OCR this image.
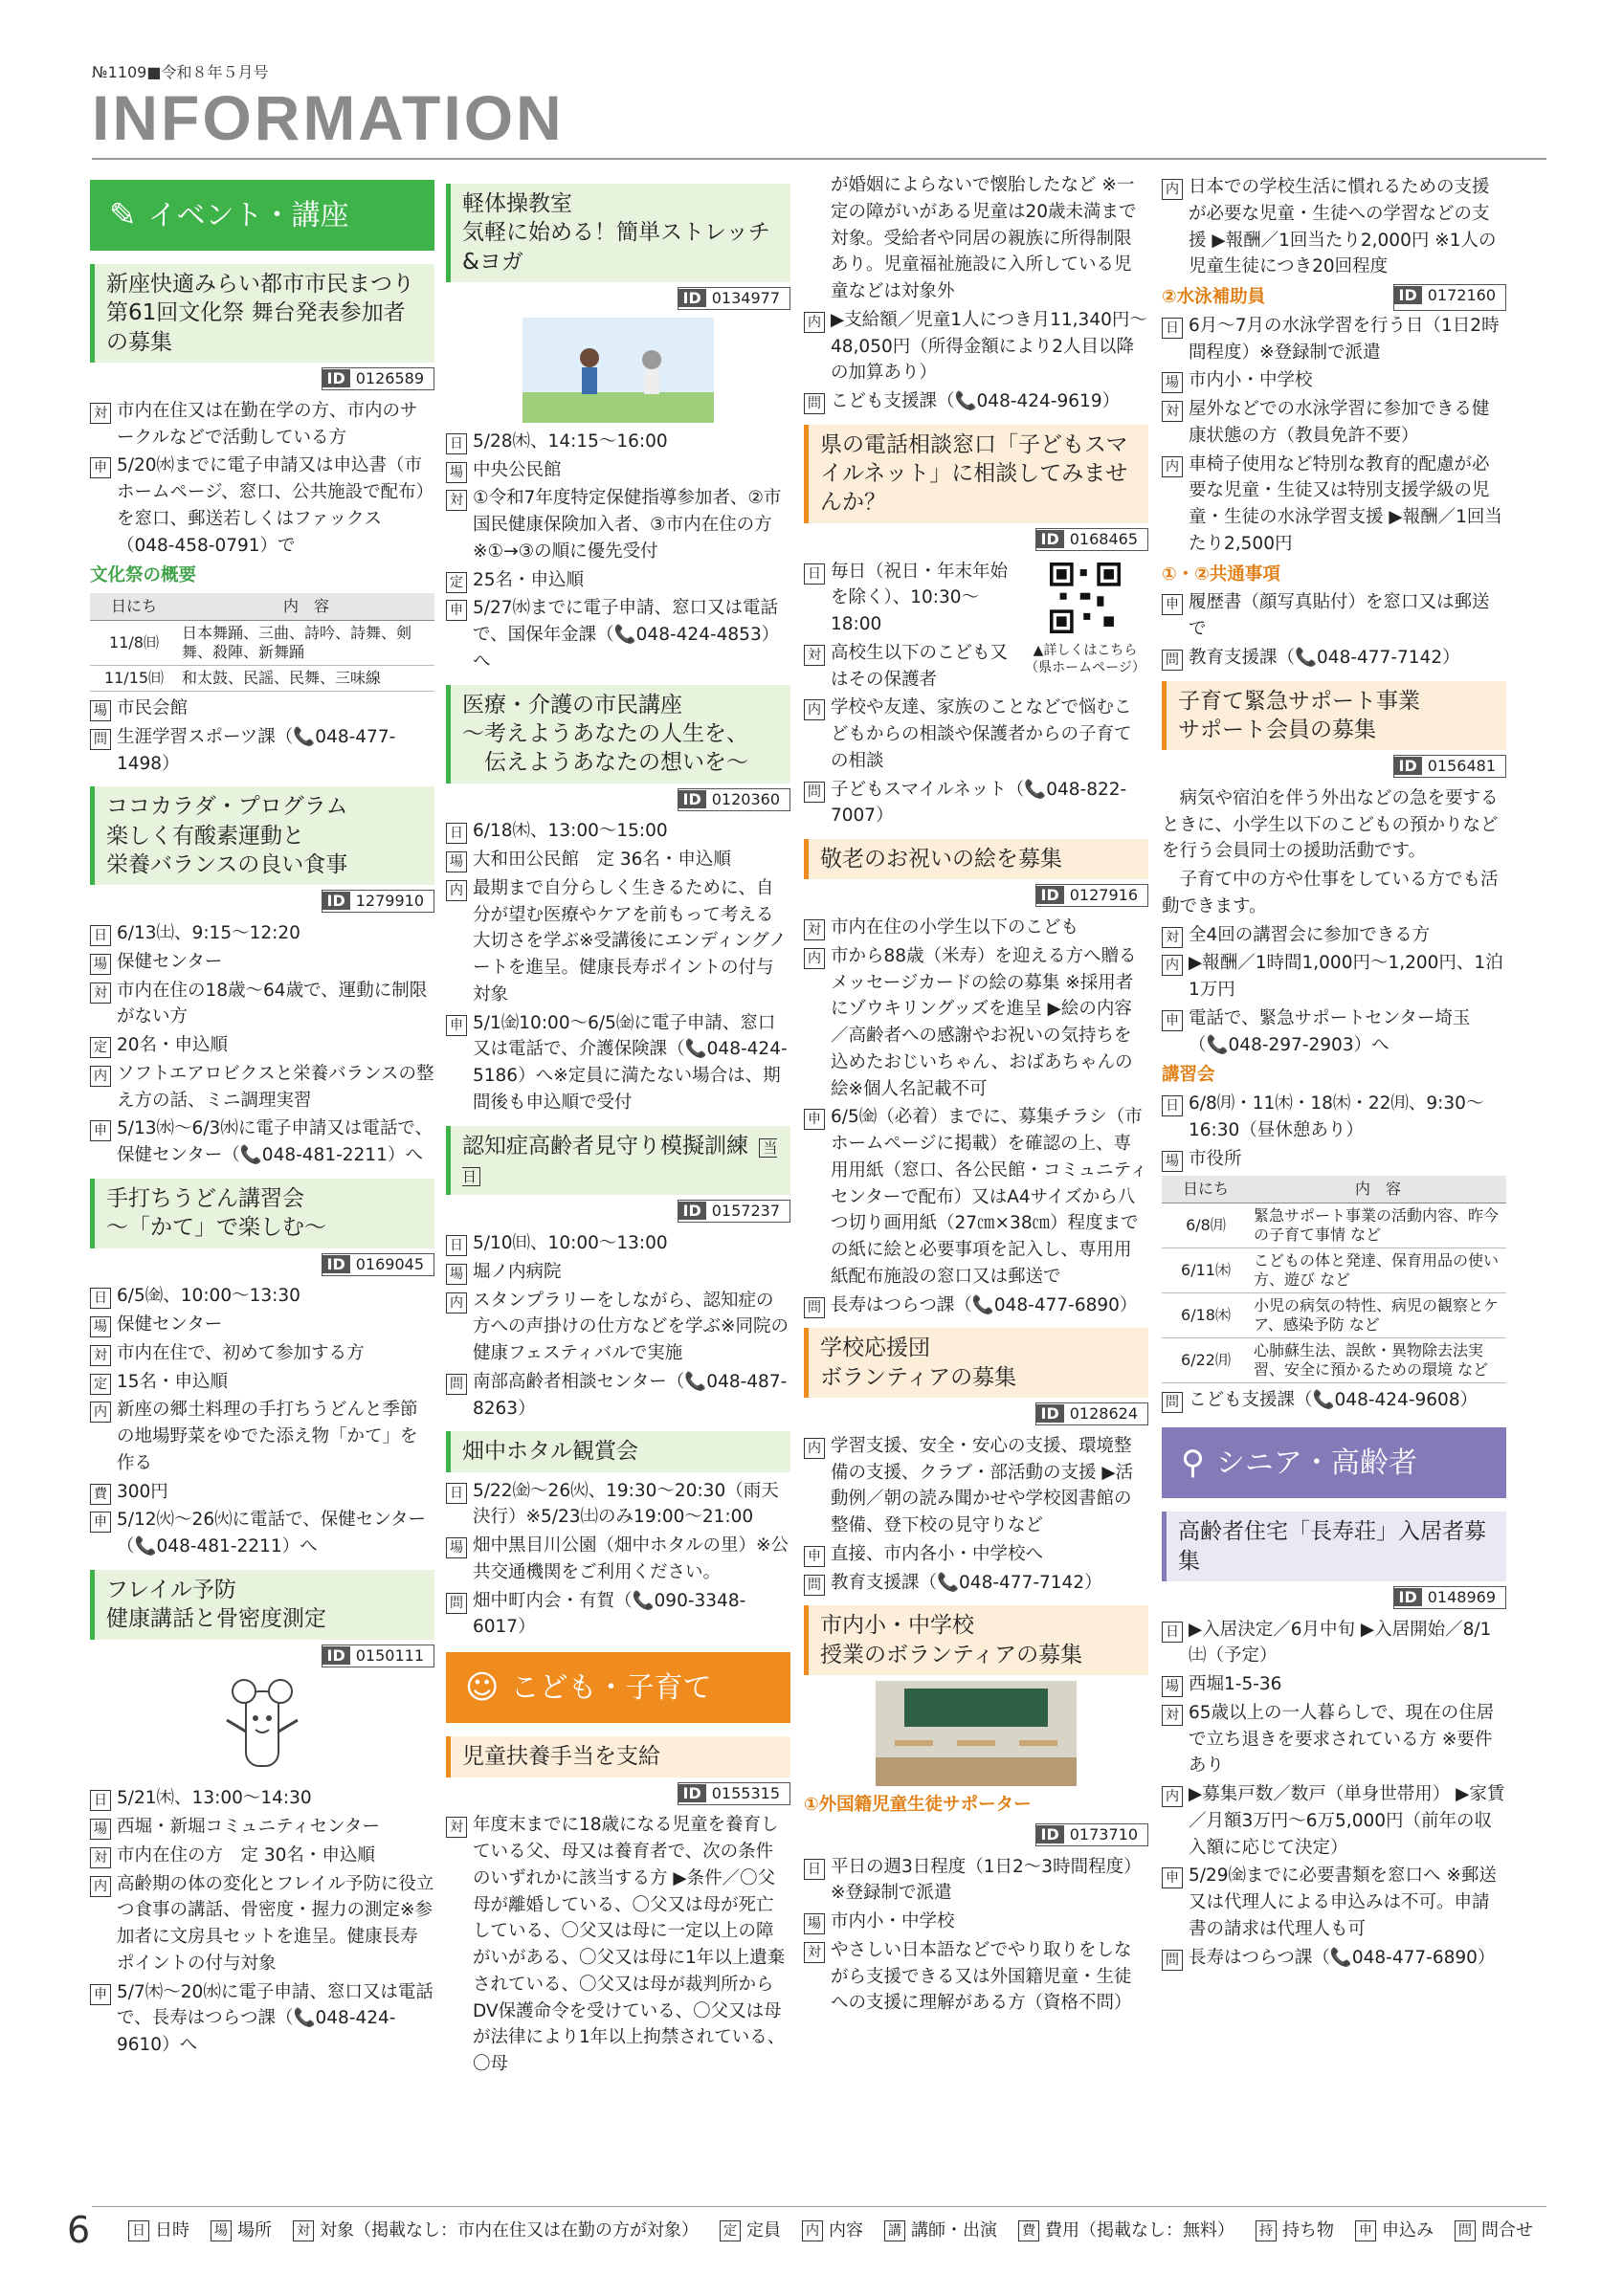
№1109■令和８年５月号
INFORMATION
✎ イベント・講座
新座快適みらい都市市民まつり
第61回文化祭 舞台発表参加者の募集
ID 0126589
対 市内在住又は在勤在学の方、市内のサークルなどで活動している方
申 5/20㈬までに電子申請又は申込書（市ホームページ、窓口、公共施設で配布）を窓口、郵送若しくはファックス（048-458-0791）で
文化祭の概要
日にち	内　容
11/8㈰	日本舞踊、三曲、詩吟、詩舞、剣舞、殺陣、新舞踊
11/15㈰	和太鼓、民謡、民舞、三味線
場 市民会館
問 生涯学習スポーツ課（📞048-477-1498）
ココカラダ・プログラム
楽しく有酸素運動と
栄養バランスの良い食事
ID 1279910
日 6/13㈯、9:15～12:20
場 保健センター
対 市内在住の18歳～64歳で、運動に制限がない方
定 20名・申込順
内 ソフトエアロビクスと栄養バランスの整え方の話、ミニ調理実習
申 5/13㈬～6/3㈬に電子申請又は電話で、保健センター（📞048-481-2211）へ
手打ちうどん講習会
～「かて」で楽しむ～
ID 0169045
日 6/5㈮、10:00～13:30
場 保健センター
対 市内在住で、初めて参加する方
定 15名・申込順
内 新座の郷土料理の手打ちうどんと季節の地場野菜をゆでた添え物「かて」を作る
費 300円
申 5/12㈫～26㈫に電話で、保健センター（📞048-481-2211）へ
フレイル予防
健康講話と骨密度測定
ID 0150111
日 5/21㈭、13:00～14:30
場 西堀・新堀コミュニティセンター
対 市内在住の方　定 30名・申込順
内 高齢期の体の変化とフレイル予防に役立つ食事の講話、骨密度・握力の測定※参加者に文房具セットを進呈。健康長寿ポイントの付与対象
申 5/7㈭～20㈬に電子申請、窓口又は電話で、長寿はつらつ課（📞048-424-9610）へ
軽体操教室
気軽に始める！簡単ストレッチ&ヨガ
ID 0134977
日 5/28㈭、14:15～16:00
場 中央公民館
対 ①令和7年度特定保健指導参加者、②市国民健康保険加入者、③市内在住の方※①→③の順に優先受付
定 25名・申込順
申 5/27㈬までに電子申請、窓口又は電話で、国保年金課（📞048-424-4853）へ
医療・介護の市民講座
～考えようあなたの人生を、
　伝えようあなたの想いを～
ID 0120360
日 6/18㈭、13:00～15:00
場 大和田公民館　定 36名・申込順
内 最期まで自分らしく生きるために、自分が望む医療やケアを前もって考える大切さを学ぶ※受講後にエンディングノートを進呈。健康長寿ポイントの付与対象
申 5/1㈮10:00～6/5㈮に電子申請、窓口又は電話で、介護保険課（📞048-424-5186）へ※定員に満たない場合は、期間後も申込順で受付
認知症高齢者見守り模擬訓練 当日
ID 0157237
日 5/10㈰、10:00～13:00
場 堀ノ内病院
内 スタンプラリーをしながら、認知症の方への声掛けの仕方などを学ぶ※同院の健康フェスティバルで実施
問 南部高齢者相談センター（📞048-487-8263）
畑中ホタル観賞会
日 5/22㈮～26㈫、19:30～20:30（雨天決行）※5/23㈯のみ19:00～21:00
場 畑中黒目川公園（畑中ホタルの里）※公共交通機関をご利用ください。
問 畑中町内会・有賀（📞090-3348-6017）
☺ こども・子育て
児童扶養手当を支給
ID 0155315
対 年度末までに18歳になる児童を養育している父、母又は養育者で、次の条件のいずれかに該当する方 ▶条件／〇父母が離婚している、〇父又は母が死亡している、〇父又は母に一定以上の障がいがある、〇父又は母に1年以上遺棄されている、〇父又は母が裁判所からDV保護命令を受けている、〇父又は母が法律により1年以上拘禁されている、〇母
が婚姻によらないで懐胎したなど ※一定の障がいがある児童は20歳未満まで対象。受給者や同居の親族に所得制限あり。児童福祉施設に入所している児童などは対象外
内 ▶支給額／児童1人につき月11,340円～48,050円（所得金額により2人目以降の加算あり）
問 こども支援課（📞048-424-9619）
県の電話相談窓口「子どもスマイルネット」に相談してみませんか？
ID 0168465
▲詳しくはこちら（県ホームページ）
日 毎日（祝日・年末年始を除く）、10:30～18:00
対 高校生以下のこども又はその保護者
内 学校や友達、家族のことなどで悩むこどもからの相談や保護者からの子育ての相談
問 子どもスマイルネット（📞048-822-7007）
敬老のお祝いの絵を募集
ID 0127916
対 市内在住の小学生以下のこども
内 市から88歳（米寿）を迎える方へ贈るメッセージカードの絵の募集 ※採用者にゾウキリングッズを進呈 ▶絵の内容／高齢者への感謝やお祝いの気持ちを込めたおじいちゃん、おばあちゃんの絵※個人名記載不可
申 6/5㈮（必着）までに、募集チラシ（市ホームページに掲載）を確認の上、専用用紙（窓口、各公民館・コミュニティセンターで配布）又はA4サイズから八つ切り画用紙（27㎝×38㎝）程度までの紙に絵と必要事項を記入し、専用用紙配布施設の窓口又は郵送で
問 長寿はつらつ課（📞048-477-6890）
学校応援団
ボランティアの募集
ID 0128624
内 学習支援、安全・安心の支援、環境整備の支援、クラブ・部活動の支援 ▶活動例／朝の読み聞かせや学校図書館の整備、登下校の見守りなど
申 直接、市内各小・中学校へ
問 教育支援課（📞048-477-7142）
市内小・中学校
授業のボランティアの募集
①外国籍児童生徒サポーター
ID 0173710
日 平日の週3日程度（1日2～3時間程度）※登録制で派遣
場 市内小・中学校
対 やさしい日本語などでやり取りをしながら支援できる又は外国籍児童・生徒への支援に理解がある方（資格不問）
内 日本での学校生活に慣れるための支援が必要な児童・生徒への学習などの支援 ▶報酬／1回当たり2,000円 ※1人の児童生徒につき20回程度
②水泳補助員	ID 0172160
日 6月～7月の水泳学習を行う日（1日2時間程度）※登録制で派遣
場 市内小・中学校
対 屋外などでの水泳学習に参加できる健康状態の方（教員免許不要）
内 車椅子使用など特別な教育的配慮が必要な児童・生徒又は特別支援学級の児童・生徒の水泳学習支援 ▶報酬／1回当たり2,500円
①・②共通事項
申 履歴書（顔写真貼付）を窓口又は郵送で
問 教育支援課（📞048-477-7142）
子育て緊急サポート事業
サポート会員の募集
ID 0156481
病気や宿泊を伴う外出などの急を要するときに、小学生以下のこどもの預かりなどを行う会員同士の援助活動です。
子育て中の方や仕事をしている方でも活動できます。
対 全4回の講習会に参加できる方
内 ▶報酬／1時間1,000円～1,200円、1泊1万円
申 電話で、緊急サポートセンター埼玉（📞048-297-2903）へ
講習会
日 6/8㈪・11㈭・18㈭・22㈪、9:30～16:30（昼休憩あり）
場 市役所
日にち	内　容
6/8㈪	緊急サポート事業の活動内容、昨今の子育て事情 など
6/11㈭	こどもの体と発達、保育用品の使い方、遊び など
6/18㈭	小児の病気の特性、病児の観察とケア、感染予防 など
6/22㈪	心肺蘇生法、誤飲・異物除去法実習、安全に預かるための環境 など
問 こども支援課（📞048-424-9608）
⚲ シニア・高齢者
高齢者住宅「長寿荘」入居者募集
ID 0148969
日 ▶入居決定／6月中旬 ▶入居開始／8/1㈯（予定）
場 西堀1-5-36
対 65歳以上の一人暮らしで、現在の住居で立ち退きを要求されている方 ※要件あり
内 ▶募集戸数／数戸（単身世帯用） ▶家賃／月額3万円～6万5,000円（前年の収入額に応じて決定）
申 5/29㈮までに必要書類を窓口へ ※郵送又は代理人による申込みは不可。申請書の請求は代理人も可
問 長寿はつらつ課（📞048-477-6890）
6	日 日時 場 場所 対 対象（掲載なし：市内在住又は在勤の方が対象） 定 定員 内 内容 講 講師・出演 費 費用（掲載なし：無料） 持 持ち物 申 申込み 問 問合せ
